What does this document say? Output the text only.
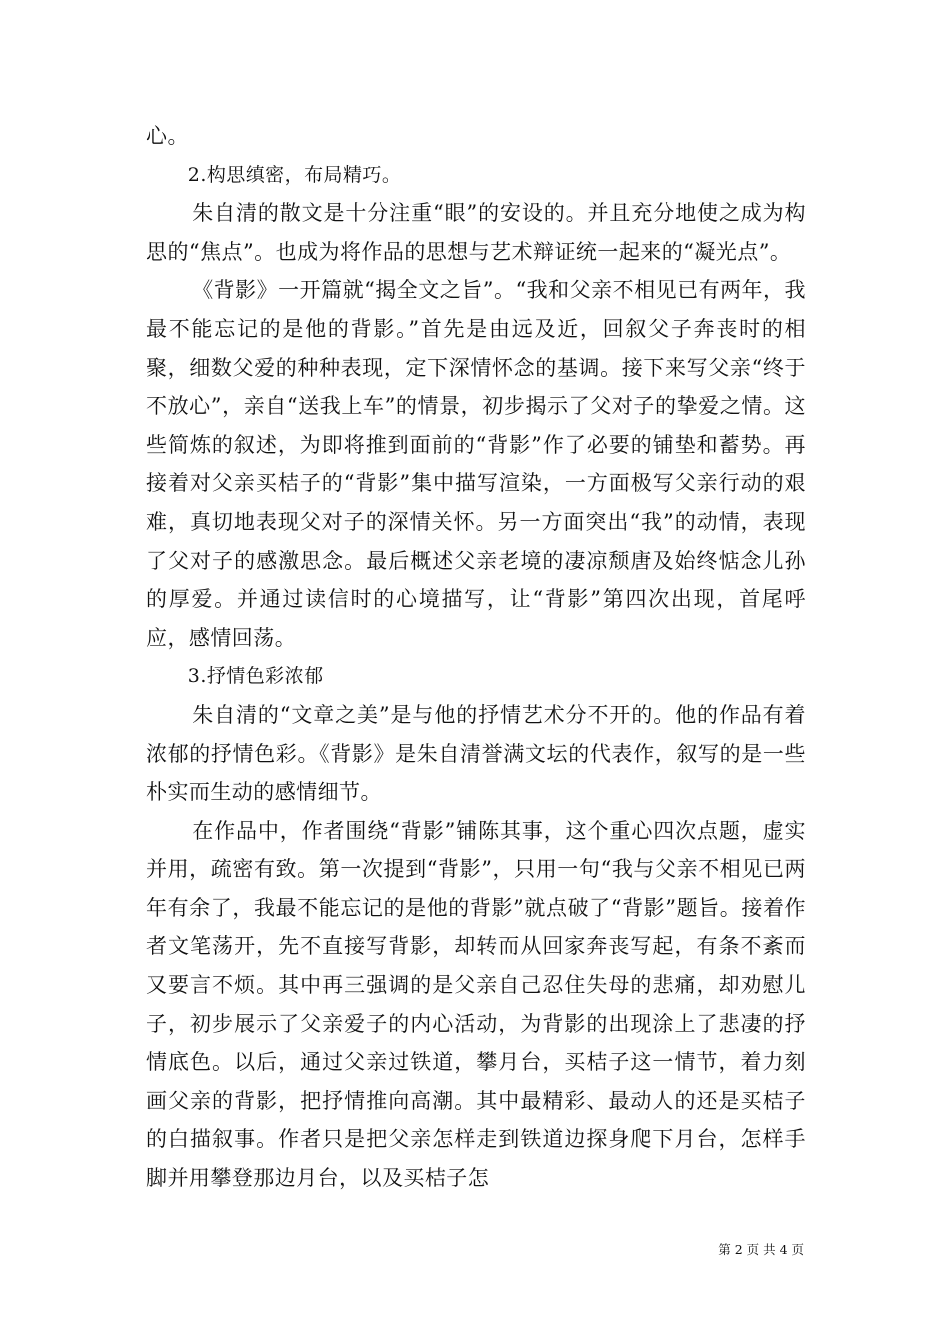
心。

2.构思缜密，布局精巧。

朱自清的散文是十分注重“眼”的安设的。并且充分地使之成为构思的“焦点”。也成为将作品的思想与艺术辩证统一起来的“凝光点”。

《背影》一开篇就“揭全文之旨”。“我和父亲不相见已有两年，我最不能忘记的是他的背影。”首先是由远及近，回叙父子奔丧时的相聚，细数父爱的种种表现，定下深情怀念的基调。接下来写父亲“终于不放心”，亲自“送我上车”的情景，初步揭示了父对子的挚爱之情。这些简炼的叙述，为即将推到面前的“背影”作了必要的铺垫和蓄势。再接着对父亲买桔子的“背影”集中描写渲染，一方面极写父亲行动的艰难，真切地表现父对子的深情关怀。另一方面突出“我”的动情，表现了父对子的感激思念。最后概述父亲老境的凄凉颓唐及始终惦念儿孙的厚爱。并通过读信时的心境描写，让“背影”第四次出现，首尾呼应，感情回荡。

3.抒情色彩浓郁

朱自清的“文章之美”是与他的抒情艺术分不开的。他的作品有着浓郁的抒情色彩。《背影》是朱自清誉满文坛的代表作，叙写的是一些朴实而生动的感情细节。

在作品中，作者围绕“背影”铺陈其事，这个重心四次点题，虚实并用，疏密有致。第一次提到“背影”，只用一句“我与父亲不相见已两年有余了，我最不能忘记的是他的背影”就点破了“背影”题旨。接着作者文笔荡开，先不直接写背影，却转而从回家奔丧写起，有条不紊而又要言不烦。其中再三强调的是父亲自己忍住失母的悲痛，却劝慰儿子，初步展示了父亲爱子的内心活动，为背影的出现涂上了悲凄的抒情底色。以后，通过父亲过铁道，攀月台，买桔子这一情节，着力刻画父亲的背影，把抒情推向高潮。其中最精彩、最动人的还是买桔子的白描叙事。作者只是把父亲怎样走到铁道边探身爬下月台，怎样手脚并用攀登那边月台，以及买桔子怎

第 2 页 共 4 页
